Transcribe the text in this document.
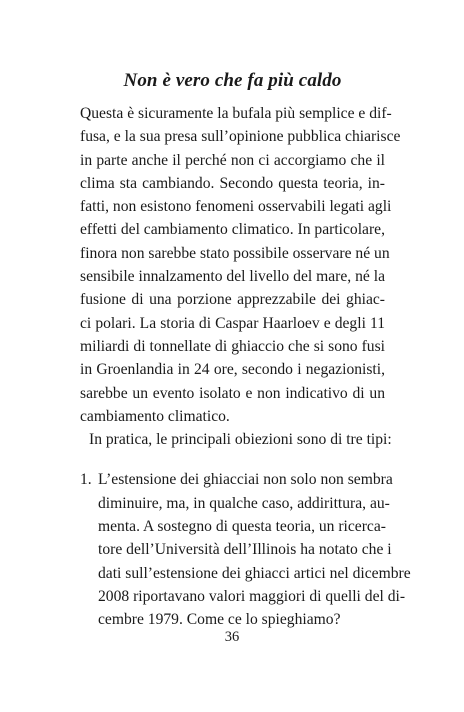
Non è vero che fa più caldo
Questa è sicuramente la bufala più semplice e dif-
fusa, e la sua presa sull’opinione pubblica chiarisce
in parte anche il perché non ci accorgiamo che il
clima sta cambiando. Secondo questa teoria, in-
fatti, non esistono fenomeni osservabili legati agli
effetti del cambiamento climatico. In particolare,
finora non sarebbe stato possibile osservare né un
sensibile innalzamento del livello del mare, né la
fusione di una porzione apprezzabile dei ghiac-
ci polari. La storia di Caspar Haarloev e degli 11
miliardi di tonnellate di ghiaccio che si sono fusi
in Groenlandia in 24 ore, secondo i negazionisti,
sarebbe un evento isolato e non indicativo di un
cambiamento climatico.
In pratica, le principali obiezioni sono di tre tipi:
1. L’estensione dei ghiacciai non solo non sembra
diminuire, ma, in qualche caso, addirittura, au-
menta. A sostegno di questa teoria, un ricerca-
tore dell’Università dell’Illinois ha notato che i
dati sull’estensione dei ghiacci artici nel dicembre
2008 riportavano valori maggiori di quelli del di-
cembre 1979. Come ce lo spieghiamo?
36
